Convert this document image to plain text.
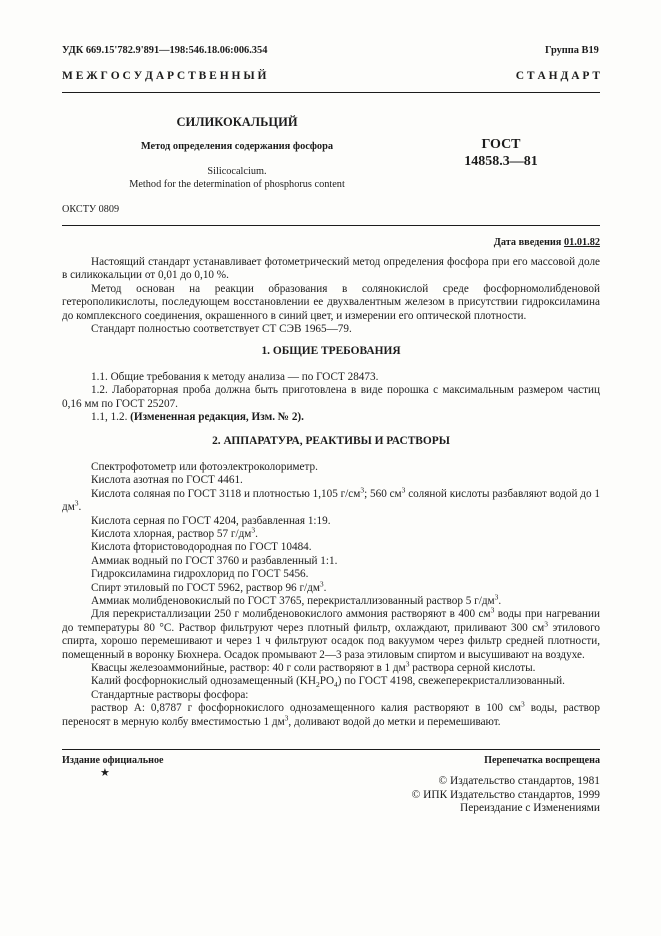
УДК 669.15'782.9'891—198:546.18.06:006.354	Группа В19
М Е Ж Г О С У Д А Р С Т В Е Н Н Ы Й	С Т А Н Д А Р Т
СИЛИКОКАЛЬЦИЙ
Метод определения содержания фосфора	ГОСТ
14858.3—81
Silicocalcium.
Method for the determination of phosphorus content
ОКСТУ 0809
Дата введения 01.01.82

Настоящий стандарт устанавливает фотометрический метод определения фосфора при его массовой доле в силикокальции от 0,01 до 0,10 %.

Метод основан на реакции образования в солянокислой среде фосфорномолибденовой гетерополикислоты, последующем восстановлении ее двухвалентным железом в присутствии гидроксиламина до комплексного соединения, окрашенного в синий цвет, и измерении его оптической плотности.

Стандарт полностью соответствует СТ СЭВ 1965—79.

1. ОБЩИЕ ТРЕБОВАНИЯ

1.1. Общие требования к методу анализа — по ГОСТ 28473.

1.2. Лабораторная проба должна быть приготовлена в виде порошка с максимальным размером частиц 0,16 мм по ГОСТ 25207.

1.1, 1.2. (Измененная редакция, Изм. № 2).

2. АППАРАТУРА, РЕАКТИВЫ И РАСТВОРЫ

Спектрофотометр или фотоэлектроколориметр.

Кислота азотная по ГОСТ 4461.

Кислота соляная по ГОСТ 3118 и плотностью 1,105 $г/см^3$; 560 $см^3$ соляной кислоты разбавляют водой до 1 $дм^3$.

Кислота серная по ГОСТ 4204, разбавленная 1:19.

Кислота хлорная, раствор 57 $г/дм^3$.

Кислота фтористоводородная по ГОСТ 10484.

Аммиак водный по ГОСТ 3760 и разбавленный 1:1.

Гидроксиламина гидрохлорид по ГОСТ 5456.

Спирт этиловый по ГОСТ 5962, раствор 96 $г/дм^3$.

Аммиак молибденовокислый по ГОСТ 3765, перекристаллизованный раствор 5 $г/дм^3$.

Для перекристаллизации 250 г молибденовокислого аммония растворяют в 400 $см^3$ воды при нагревании до температуры 80 °С. Раствор фильтруют через плотный фильтр, охлаждают, приливают 300 $см^3$ этилового спирта, хорошо перемешивают и через 1 ч фильтруют осадок под вакуумом через фильтр средней плотности, помещенный в воронку Бюхнера. Осадок промывают 2—3 раза этиловым спиртом и высушивают на воздухе.

Квасцы железоаммонийные, раствор: 40 г соли растворяют в 1 $дм^3$ раствора серной кислоты.

Калий фосфорнокислый однозамещенный $(KH_2PO_4)$ по ГОСТ 4198, свежеперекристаллизованный.

Стандартные растворы фосфора:

раствор А: 0,8787 г фосфорнокислого однозамещенного калия растворяют в 100 $см^3$ воды, раствор переносят в мерную колбу вместимостью 1 $дм^3$, доливают водой до метки и перемешивают.

Издание официальное	Перепечатка воспрещена
★
© Издательство стандартов, 1981
© ИПК Издательство стандартов, 1999
Переиздание с Изменениями
